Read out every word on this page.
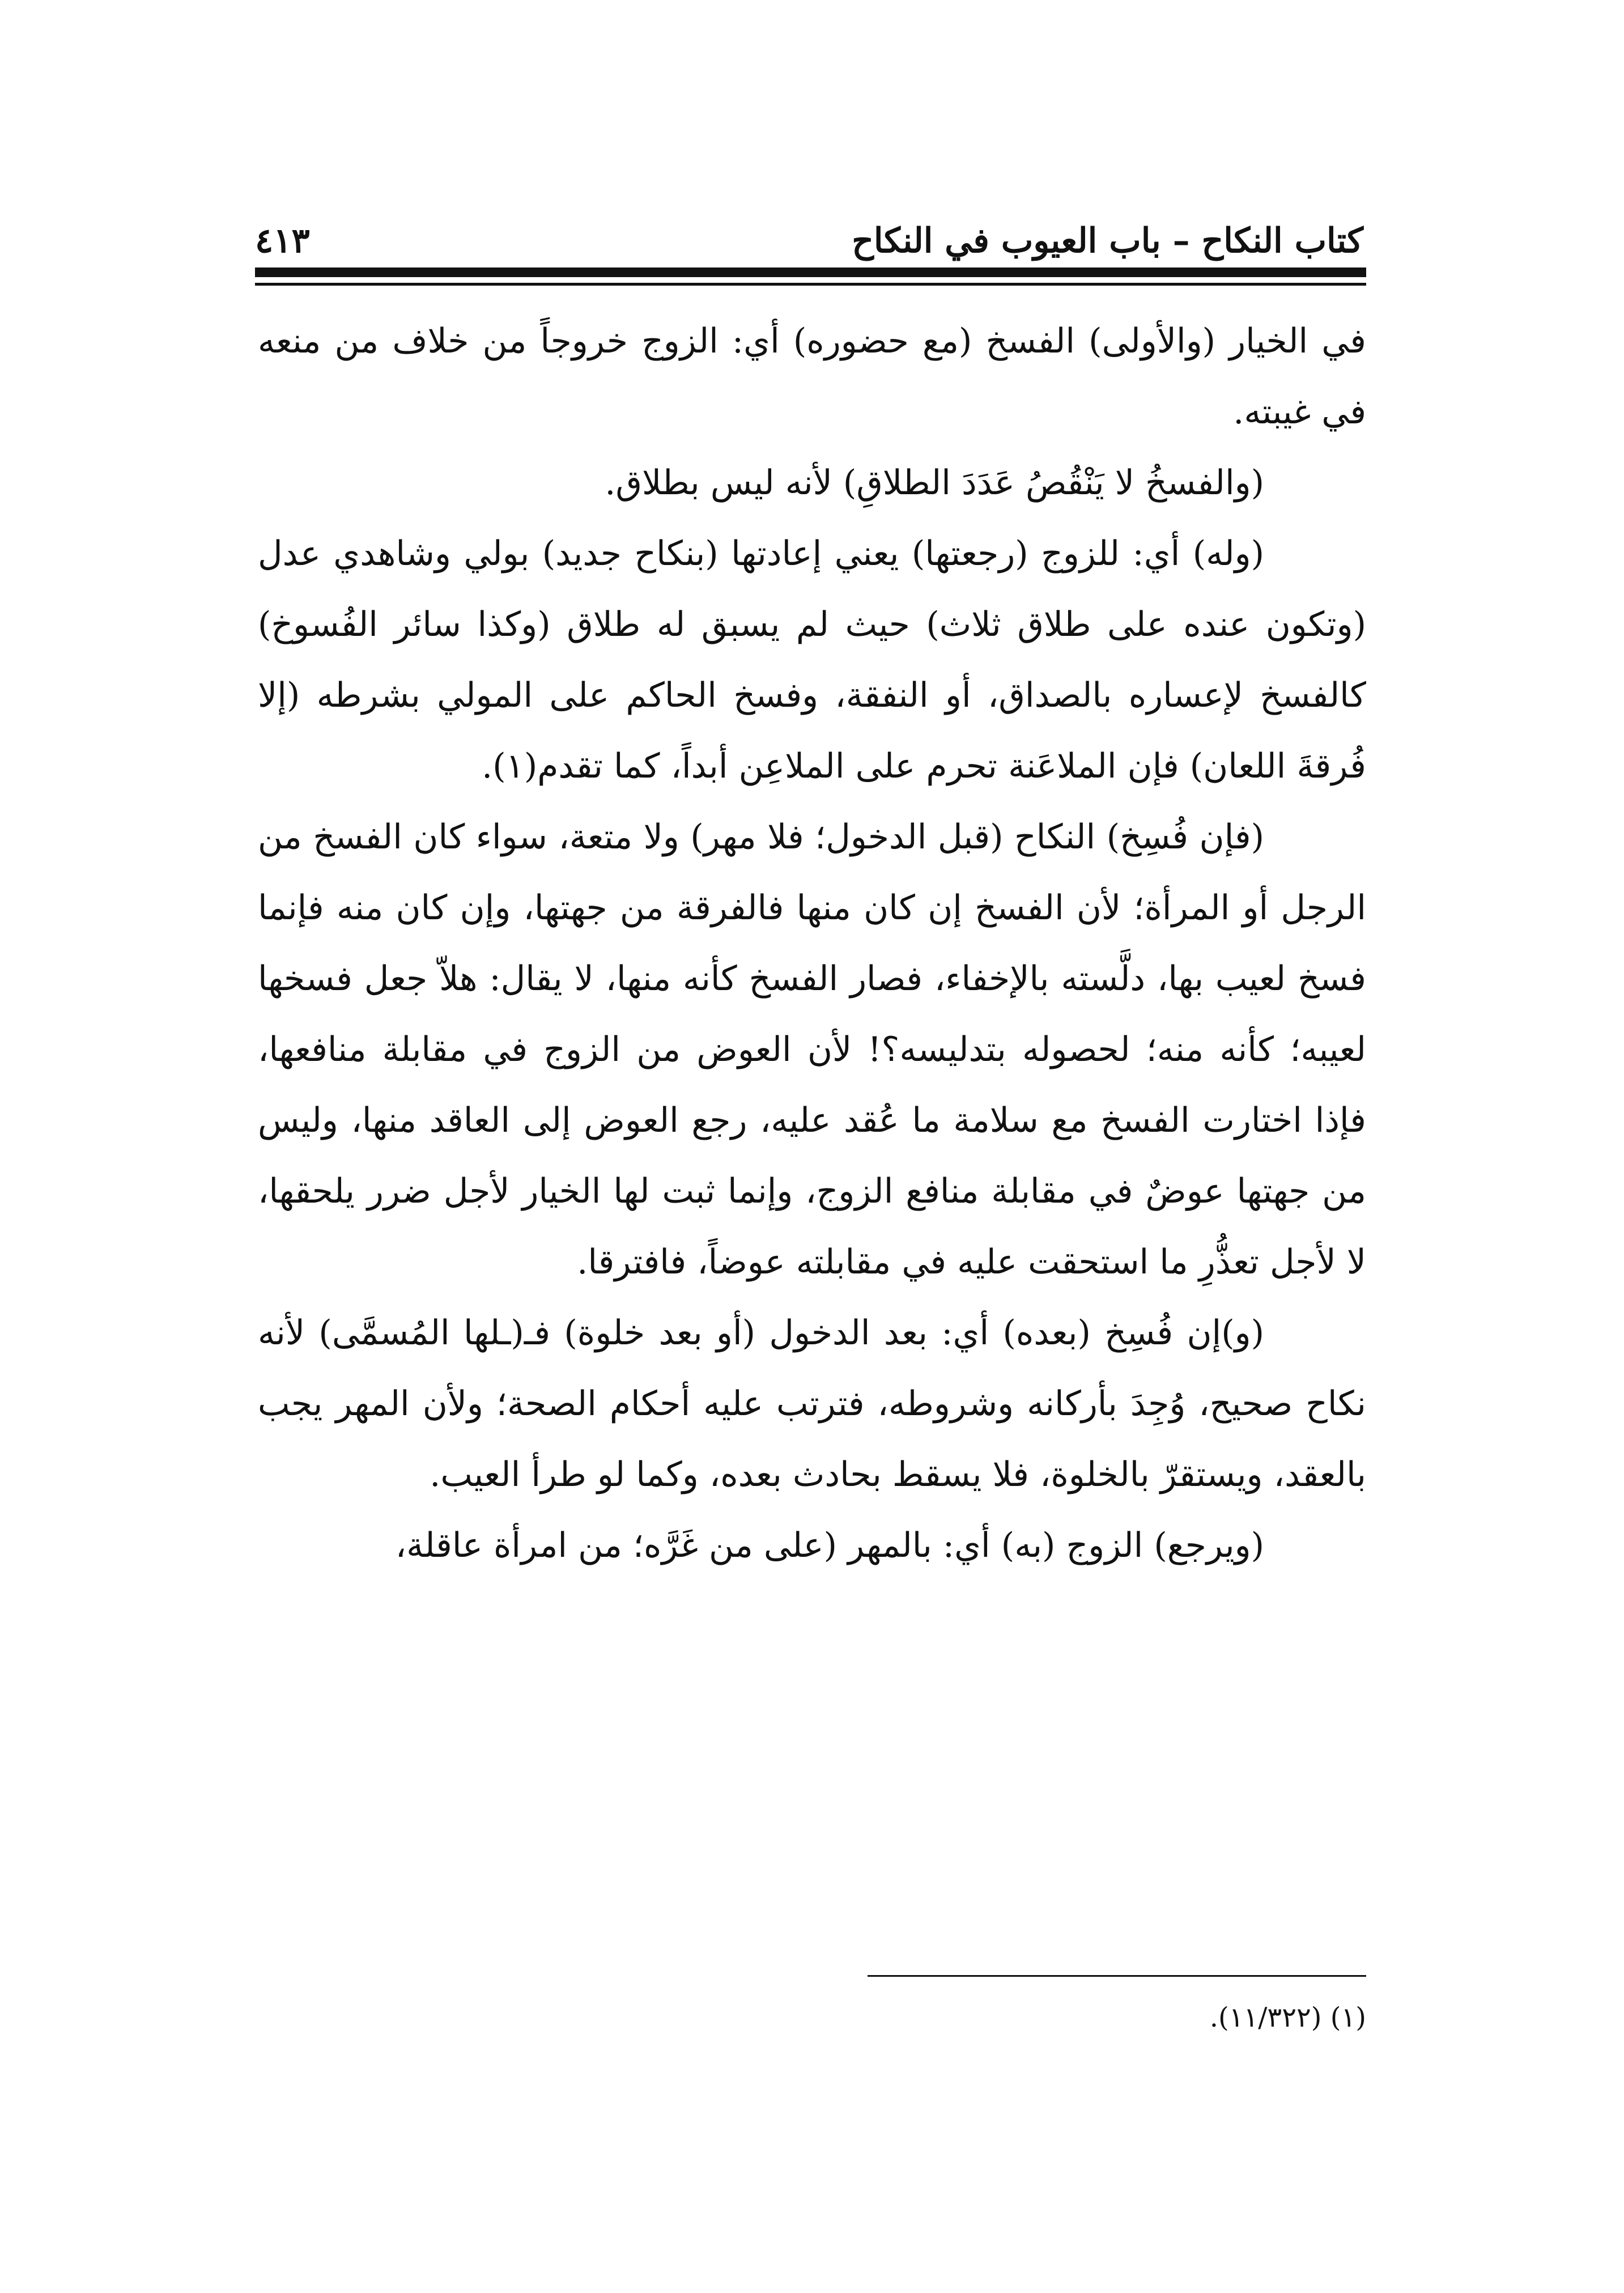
كتاب النكاح – باب العيوب في النكاح
٤١٣

في الخيار (والأولى) الفسخ (مع حضوره) أي: الزوج خروجاً من خلاف من منعه في غيبته.

(والفسخُ لا يَنْقُصُ عَدَدَ الطلاقِ) لأنه ليس بطلاق.

(وله) أي: للزوج (رجعتها) يعني إعادتها (بنكاح جديد) بولي وشاهدي عدل (وتكون عنده على طلاق ثلاث) حيث لم يسبق له طلاق (وكذا سائر الفُسوخ) كالفسخ لإعساره بالصداق، أو النفقة، وفسخ الحاكم على المولي بشرطه (إلا فُرقةَ اللعان) فإن الملاعَنة تحرم على الملاعِن أبداً، كما تقدم(١).

(فإن فُسِخ) النكاح (قبل الدخول؛ فلا مهر) ولا متعة، سواء كان الفسخ من الرجل أو المرأة؛ لأن الفسخ إن كان منها فالفرقة من جهتها، وإن كان منه فإنما فسخ لعيب بها، دلَّسته بالإخفاء، فصار الفسخ كأنه منها، لا يقال: هلاّ جعل فسخها لعيبه؛ كأنه منه؛ لحصوله بتدليسه؟! لأن العوض من الزوج في مقابلة منافعها، فإذا اختارت الفسخ مع سلامة ما عُقد عليه، رجع العوض إلى العاقد منها، وليس من جهتها عوضٌ في مقابلة منافع الزوج، وإنما ثبت لها الخيار لأجل ضرر يلحقها، لا لأجل تعذُّرِ ما استحقت عليه في مقابلته عوضاً، فافترقا.

(و)إن فُسِخ (بعده) أي: بعد الدخول (أو بعد خلوة) فـ(ـلها المُسمَّى) لأنه نكاح صحيح، وُجِدَ بأركانه وشروطه، فترتب عليه أحكام الصحة؛ ولأن المهر يجب بالعقد، ويستقرّ بالخلوة، فلا يسقط بحادث بعده، وكما لو طرأ العيب.

(ويرجع) الزوج (به) أي: بالمهر (على من غَرَّه؛ من امرأة عاقلة،

(١) (١١/٣٢٢).
